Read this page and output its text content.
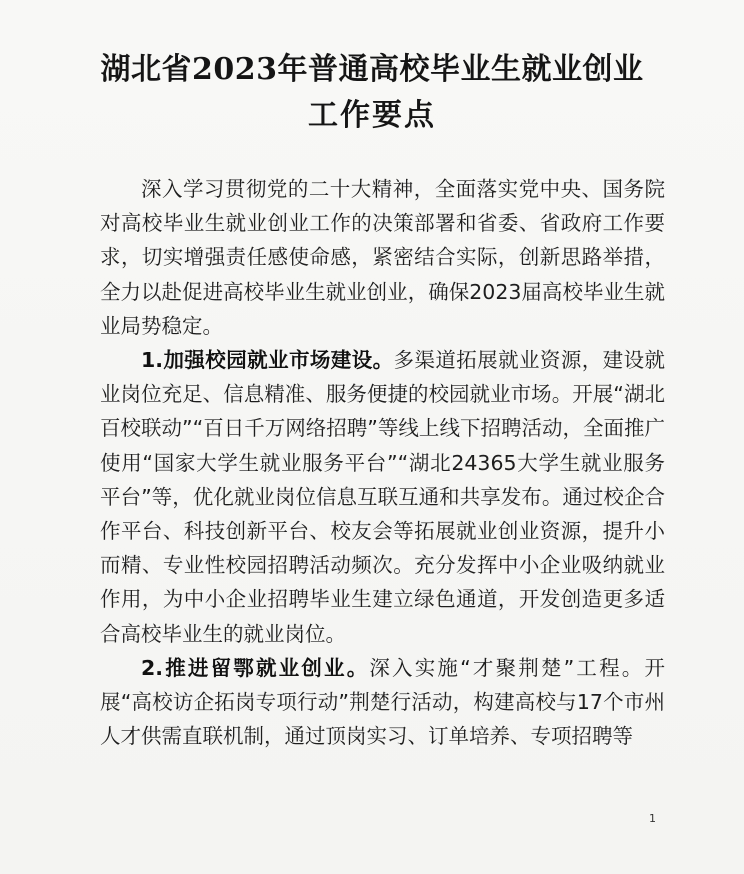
湖北省2023年普通高校毕业生就业创业
工作要点

深入学习贯彻党的二十大精神，全面落实党中央、国务院对高校毕业生就业创业工作的决策部署和省委、省政府工作要求，切实增强责任感使命感，紧密结合实际，创新思路举措，全力以赴促进高校毕业生就业创业，确保2023届高校毕业生就业局势稳定。

1.加强校园就业市场建设。多渠道拓展就业资源，建设就业岗位充足、信息精准、服务便捷的校园就业市场。开展“湖北百校联动”“百日千万网络招聘”等线上线下招聘活动，全面推广使用“国家大学生就业服务平台”“湖北24365大学生就业服务平台”等，优化就业岗位信息互联互通和共享发布。通过校企合作平台、科技创新平台、校友会等拓展就业创业资源，提升小而精、专业性校园招聘活动频次。充分发挥中小企业吸纳就业作用，为中小企业招聘毕业生建立绿色通道，开发创造更多适合高校毕业生的就业岗位。

2.推进留鄂就业创业。深入实施“才聚荆楚”工程。开展“高校访企拓岗专项行动”荆楚行活动，构建高校与17个市州人才供需直联机制，通过顶岗实习、订单培养、专项招聘等

1
